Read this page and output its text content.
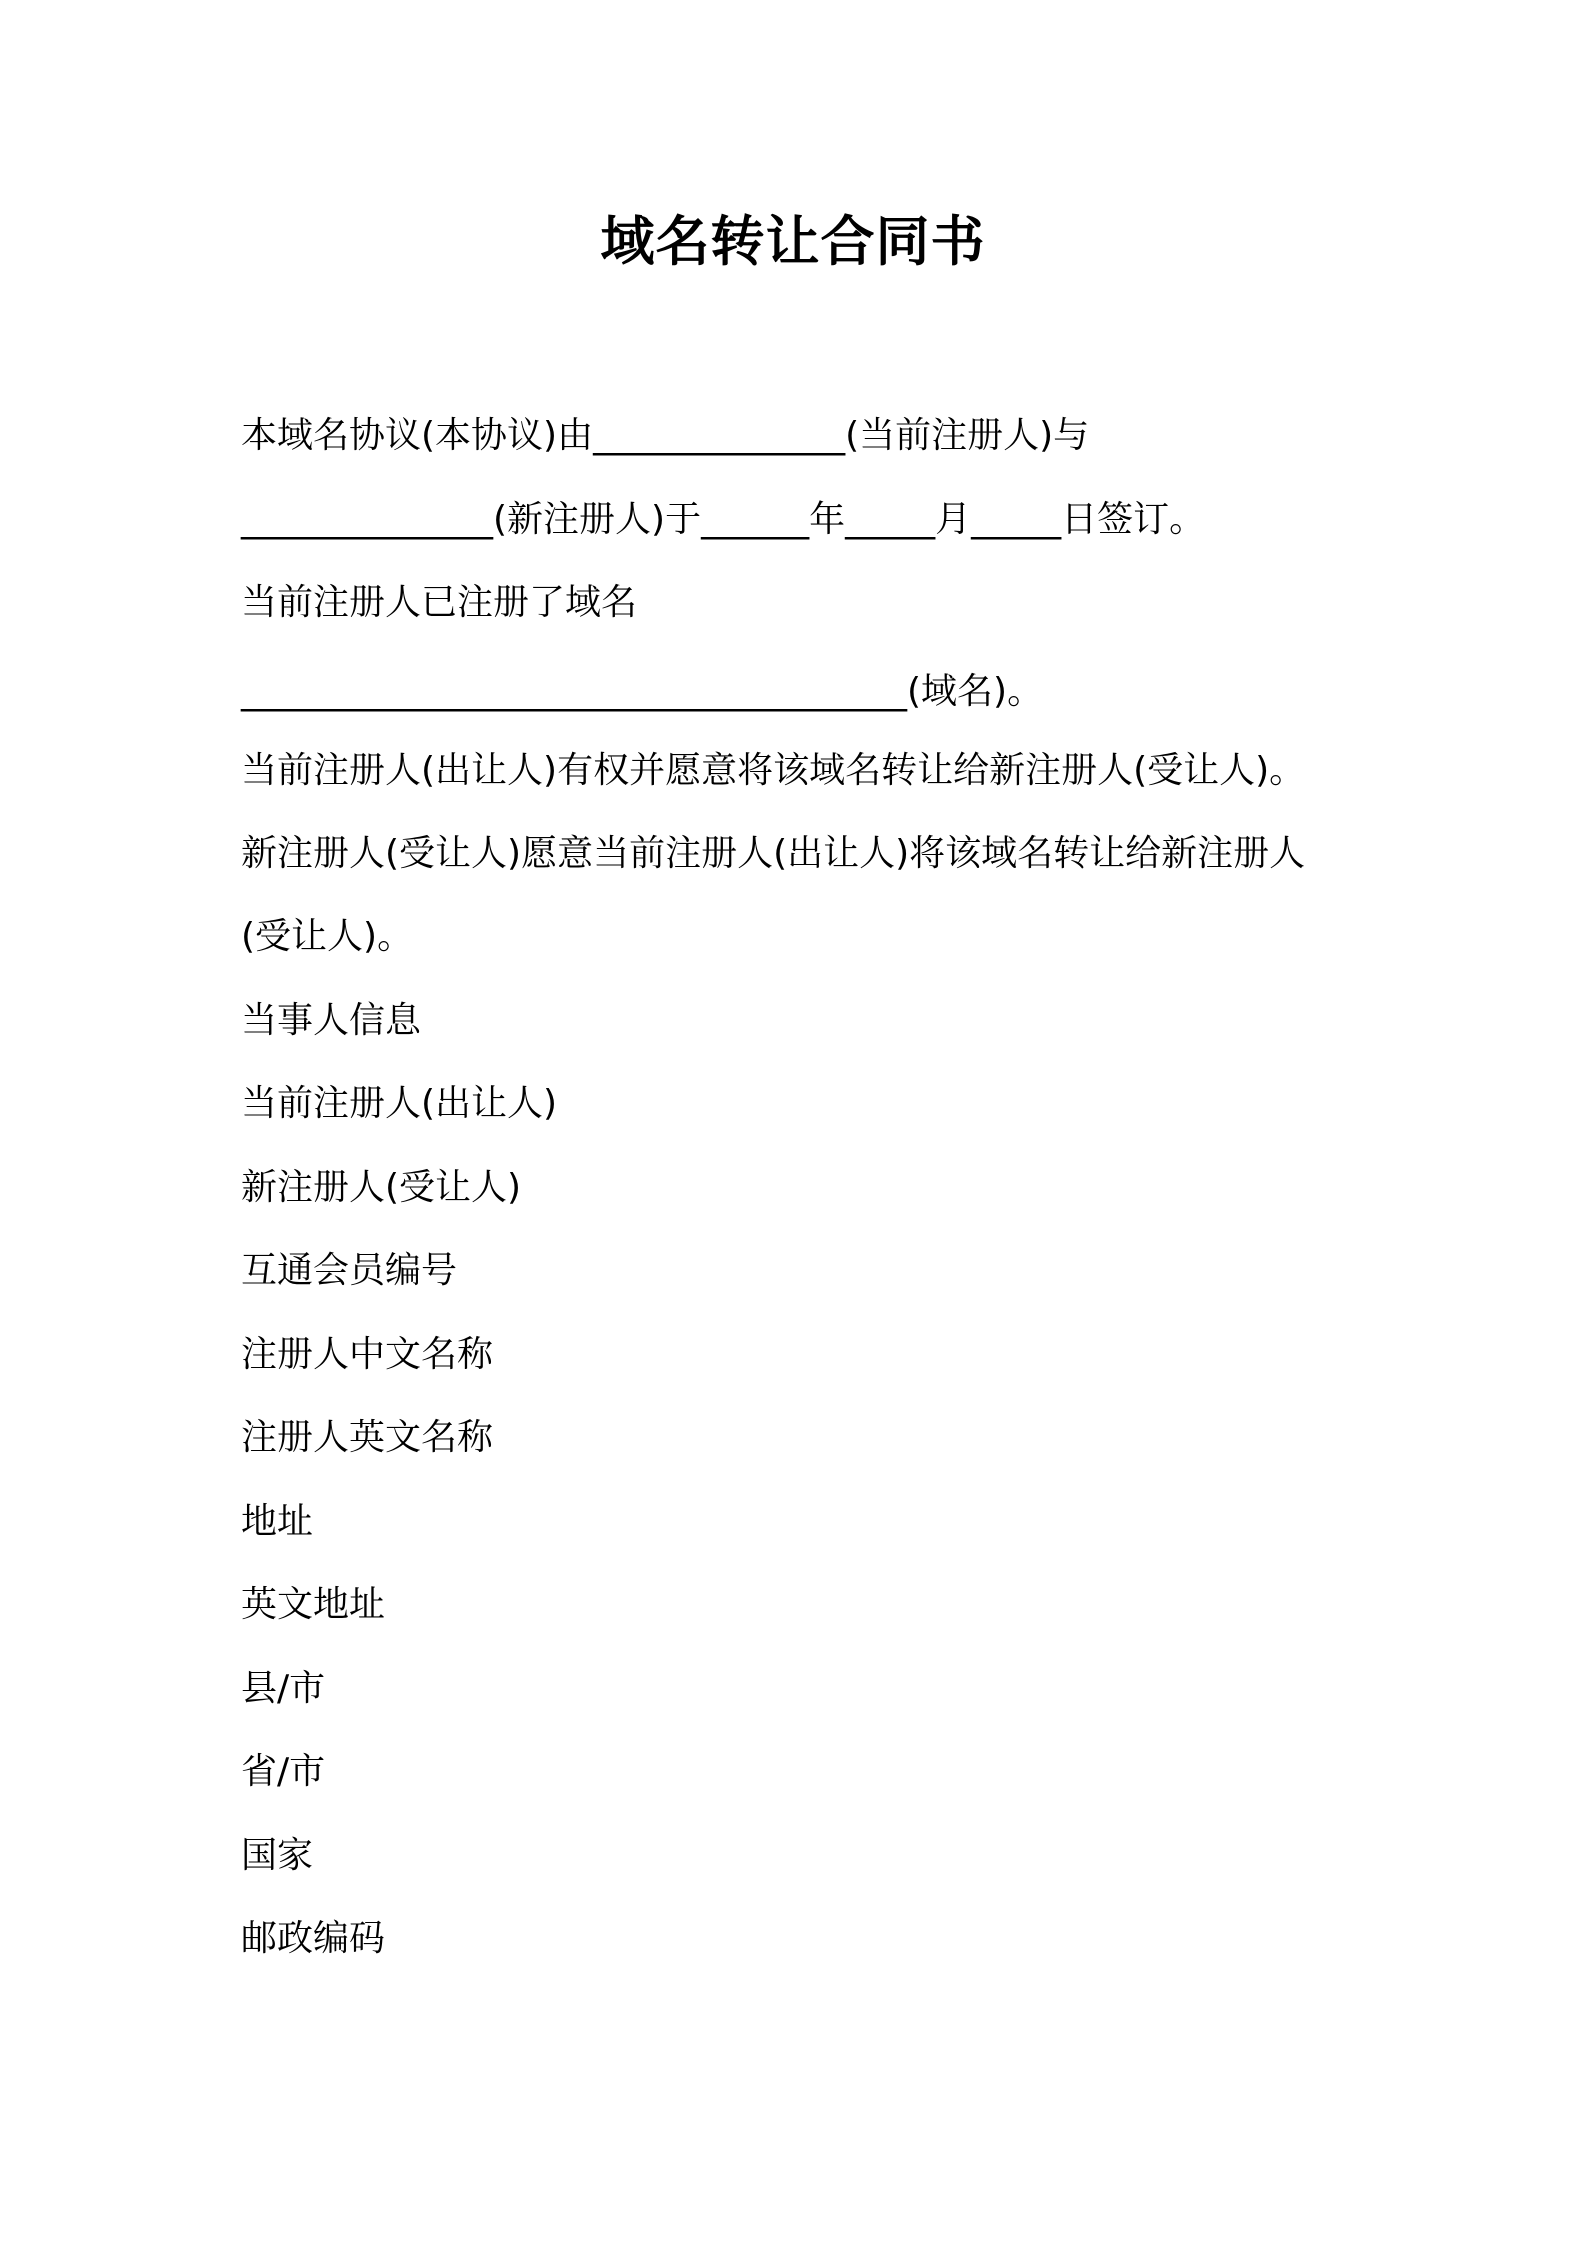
域名转让合同书
本域名协议(本协议)由______________(当前注册人)与
______________(新注册人)于______年_____月_____日签订。
当前注册人已注册了域名
_____________________________________(域名)。
当前注册人(出让人)有权并愿意将该域名转让给新注册人(受让人)。
新注册人(受让人)愿意当前注册人(出让人)将该域名转让给新注册人
(受让人)。
当事人信息
当前注册人(出让人)
新注册人(受让人)
互通会员编号
注册人中文名称
注册人英文名称
地址
英文地址
县/市
省/市
国家
邮政编码
